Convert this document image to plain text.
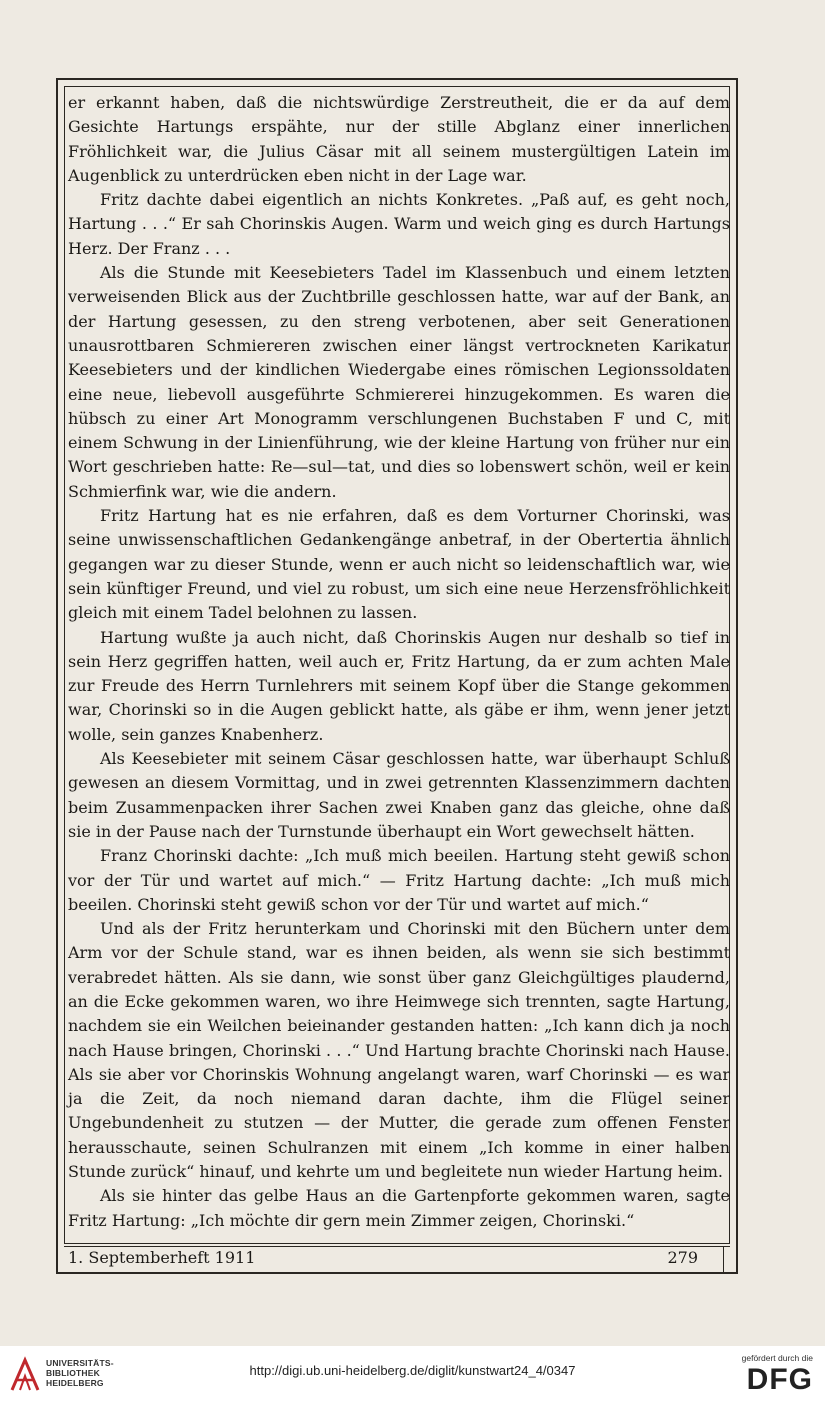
er erkannt haben, daß die nichtswürdige Zerstreutheit, die er da auf dem Gesichte Hartungs erspähte, nur der stille Abglanz einer innerlichen Fröhlichkeit war, die Julius Cäsar mit all seinem mustergültigen Latein im Augenblick zu unterdrücken eben nicht in der Lage war.

Fritz dachte dabei eigentlich an nichts Konkretes. „Paß auf, es geht noch, Hartung . . .“ Er sah Chorinskis Augen. Warm und weich ging es durch Hartungs Herz. Der Franz . . .

Als die Stunde mit Keesebieters Tadel im Klassenbuch und einem letzten verweisenden Blick aus der Zuchtbrille geschlossen hatte, war auf der Bank, an der Hartung gesessen, zu den streng verbotenen, aber seit Generationen unausrottbaren Schmiereren zwischen einer längst vertrockneten Karikatur Keesebieters und der kindlichen Wiedergabe eines römischen Legionssoldaten eine neue, liebevoll ausgeführte Schmiererei hinzugekommen. Es waren die hübsch zu einer Art Monogramm verschlungenen Buchstaben F und C, mit einem Schwung in der Linienführung, wie der kleine Hartung von früher nur ein Wort geschrieben hatte: Re—sul—tat, und dies so lobenswert schön, weil er kein Schmierfink war, wie die andern.

Fritz Hartung hat es nie erfahren, daß es dem Vorturner Chorinski, was seine unwissenschaftlichen Gedankengänge anbetraf, in der Obertertia ähnlich gegangen war zu dieser Stunde, wenn er auch nicht so leidenschaftlich war, wie sein künftiger Freund, und viel zu robust, um sich eine neue Herzensfröhlichkeit gleich mit einem Tadel belohnen zu lassen.

Hartung wußte ja auch nicht, daß Chorinskis Augen nur deshalb so tief in sein Herz gegriffen hatten, weil auch er, Fritz Hartung, da er zum achten Male zur Freude des Herrn Turnlehrers mit seinem Kopf über die Stange gekommen war, Chorinski so in die Augen geblickt hatte, als gäbe er ihm, wenn jener jetzt wolle, sein ganzes Knabenherz.

Als Keesebieter mit seinem Cäsar geschlossen hatte, war überhaupt Schluß gewesen an diesem Vormittag, und in zwei getrennten Klassenzimmern dachten beim Zusammenpacken ihrer Sachen zwei Knaben ganz das gleiche, ohne daß sie in der Pause nach der Turnstunde überhaupt ein Wort gewechselt hätten.

Franz Chorinski dachte: „Ich muß mich beeilen. Hartung steht gewiß schon vor der Tür und wartet auf mich.“ — Fritz Hartung dachte: „Ich muß mich beeilen. Chorinski steht gewiß schon vor der Tür und wartet auf mich.“

Und als der Fritz herunterkam und Chorinski mit den Büchern unter dem Arm vor der Schule stand, war es ihnen beiden, als wenn sie sich bestimmt verabredet hätten. Als sie dann, wie sonst über ganz Gleichgültiges plaudernd, an die Ecke gekommen waren, wo ihre Heimwege sich trennten, sagte Hartung, nachdem sie ein Weilchen beieinander gestanden hatten: „Ich kann dich ja noch nach Hause bringen, Chorinski . . .“ Und Hartung brachte Chorinski nach Hause. Als sie aber vor Chorinskis Wohnung angelangt waren, warf Chorinski — es war ja die Zeit, da noch niemand daran dachte, ihm die Flügel seiner Ungebundenheit zu stutzen — der Mutter, die gerade zum offenen Fenster herausschaute, seinen Schulranzen mit einem „Ich komme in einer halben Stunde zurück“ hinauf, und kehrte um und begleitete nun wieder Hartung heim.

Als sie hinter das gelbe Haus an die Gartenpforte gekommen waren, sagte Fritz Hartung: „Ich möchte dir gern mein Zimmer zeigen, Chorinski.“

1. Septemberheft 1911	279
UNIVERSITÄTS-
BIBLIOTHEK
HEIDELBERG
http://digi.ub.uni-heidelberg.de/diglit/kunstwart24_4/0347
gefördert durch die
DFG
